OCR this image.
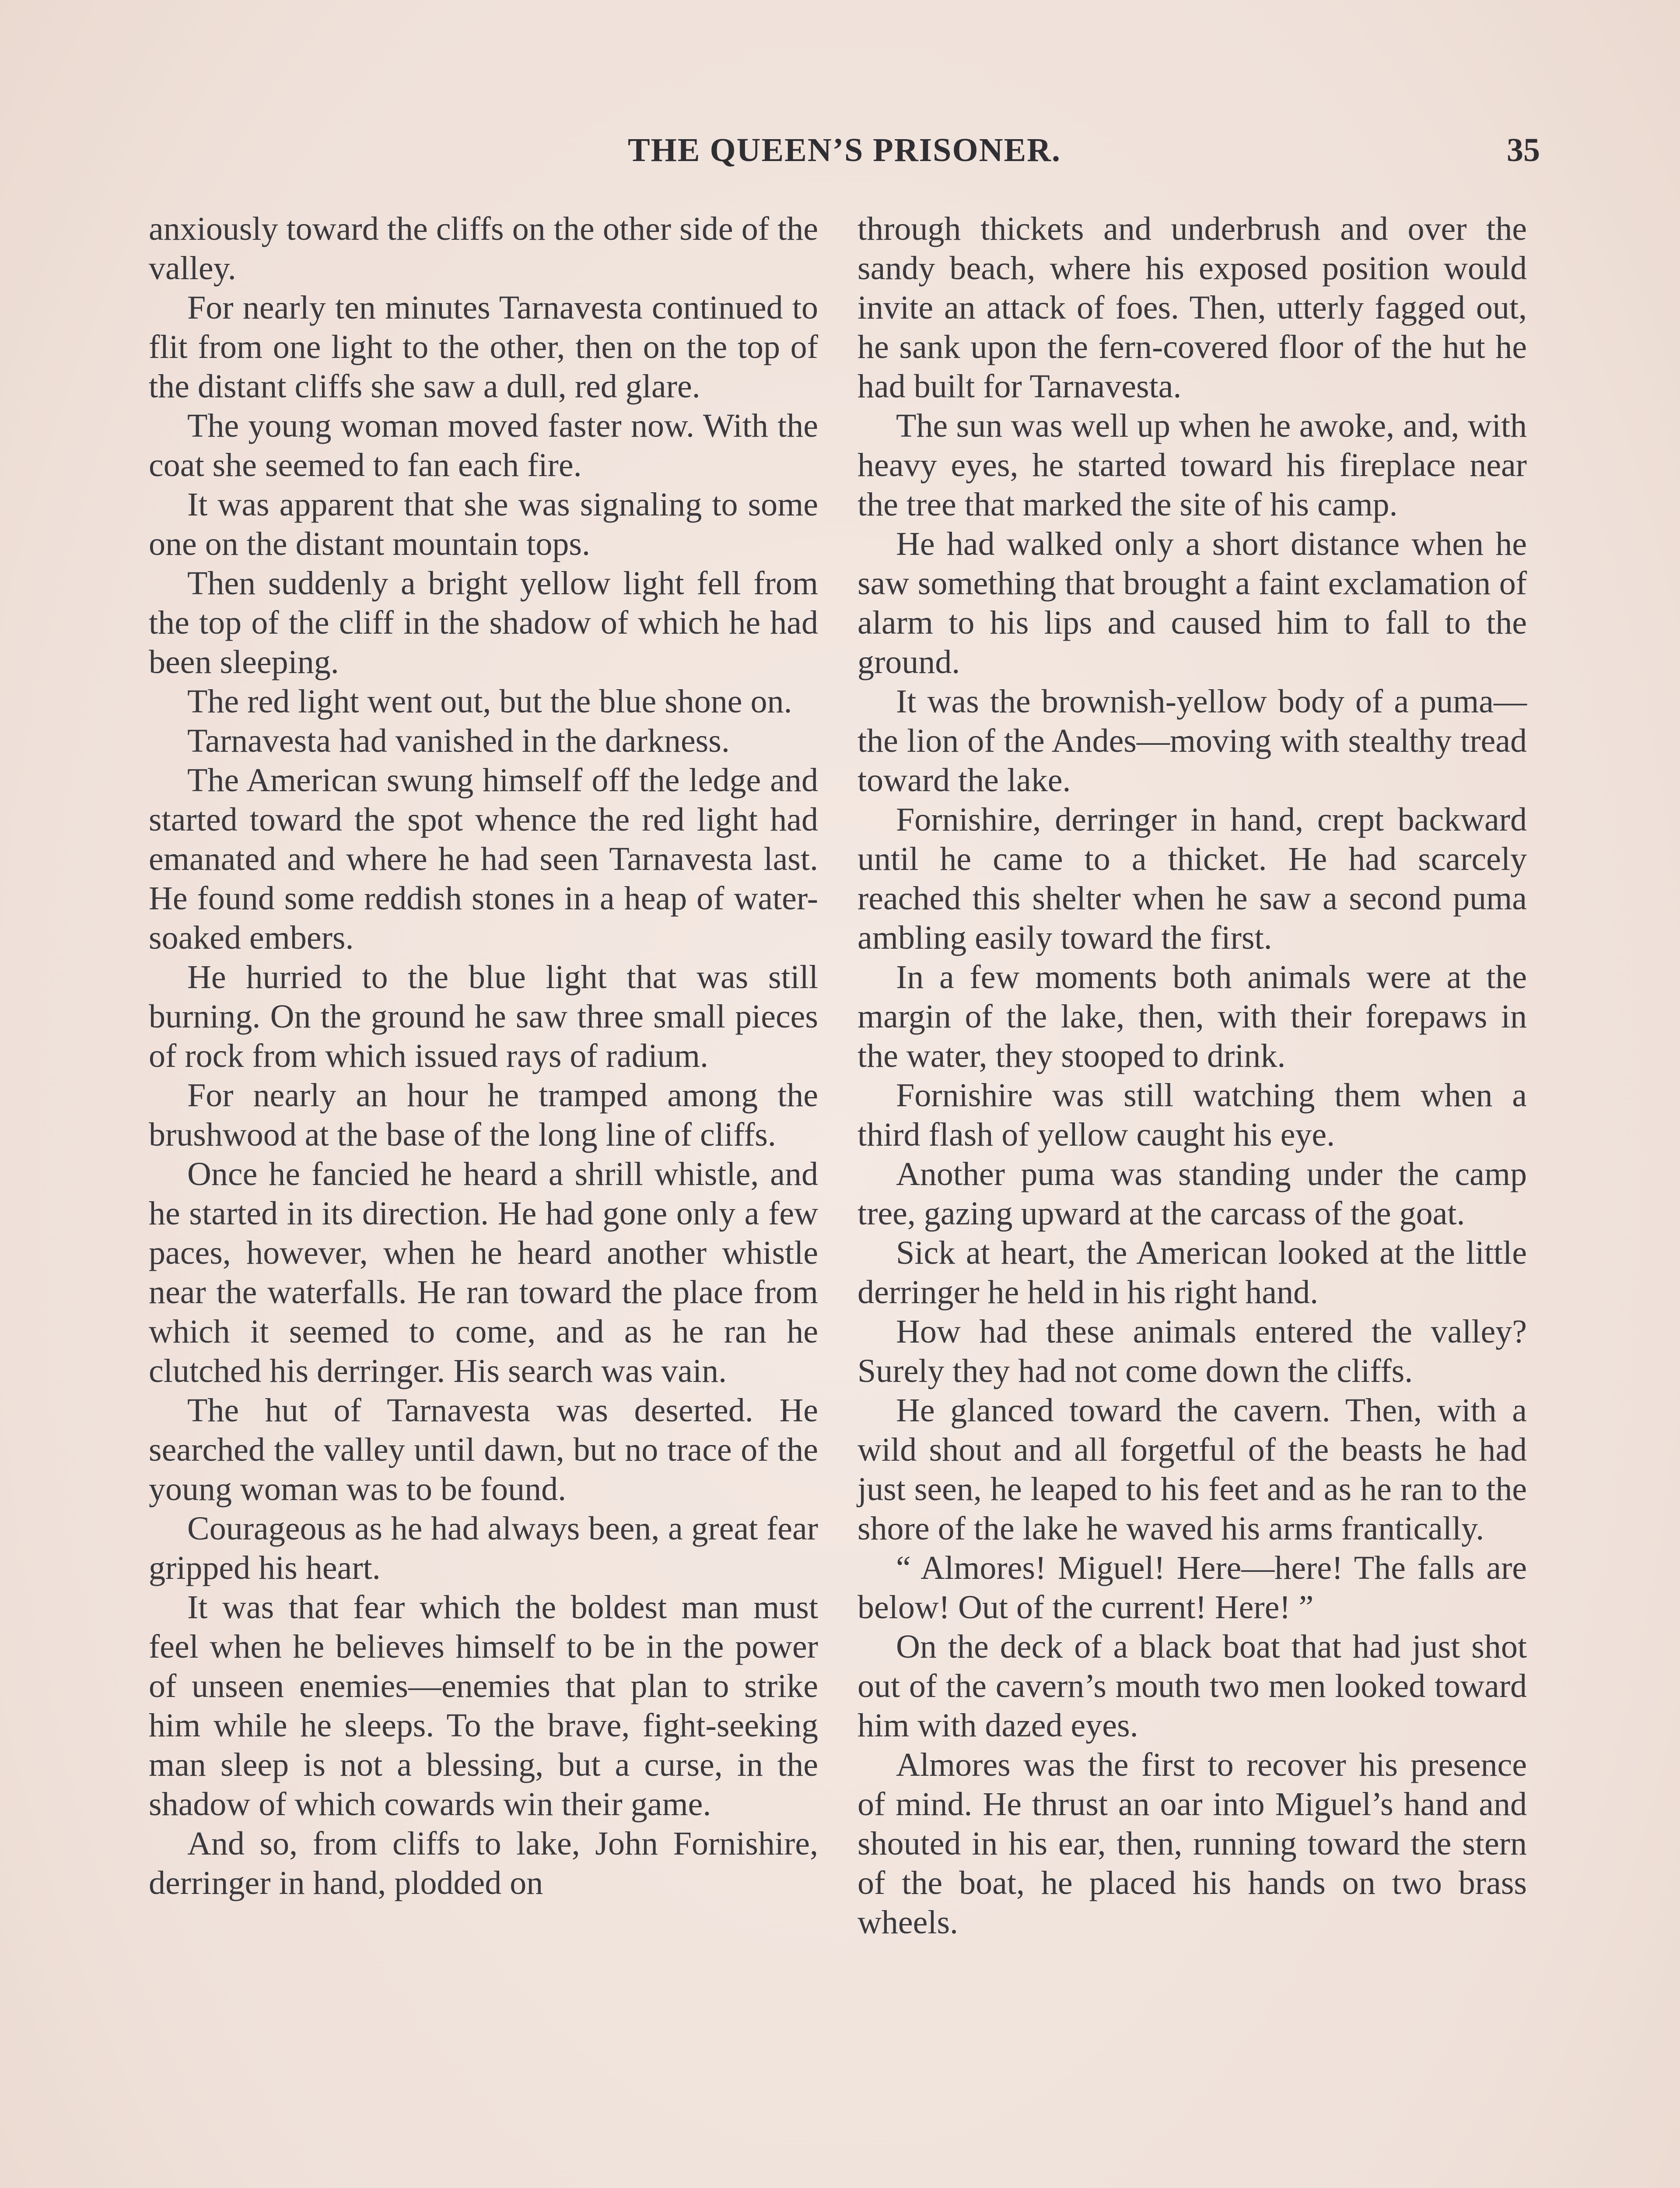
THE QUEEN’S PRISONER.	35

anxiously toward the cliffs on the other side of the valley.

For nearly ten minutes Tarnavesta continued to flit from one light to the other, then on the top of the distant cliffs she saw a dull, red glare.

The young woman moved faster now. With the coat she seemed to fan each fire.

It was apparent that she was signaling to some one on the distant mountain tops.

Then suddenly a bright yellow light fell from the top of the cliff in the shadow of which he had been sleeping.

The red light went out, but the blue shone on.

Tarnavesta had vanished in the darkness.

The American swung himself off the ledge and started toward the spot whence the red light had emanated and where he had seen Tarnavesta last. He found some reddish stones in a heap of water-soaked embers.

He hurried to the blue light that was still burning. On the ground he saw three small pieces of rock from which issued rays of radium.

For nearly an hour he tramped among the brushwood at the base of the long line of cliffs.

Once he fancied he heard a shrill whistle, and he started in its direction. He had gone only a few paces, however, when he heard another whistle near the waterfalls. He ran toward the place from which it seemed to come, and as he ran he clutched his derringer. His search was vain.

The hut of Tarnavesta was deserted. He searched the valley until dawn, but no trace of the young woman was to be found.

Courageous as he had always been, a great fear gripped his heart.

It was that fear which the boldest man must feel when he believes himself to be in the power of unseen enemies—enemies that plan to strike him while he sleeps. To the brave, fight-seeking man sleep is not a blessing, but a curse, in the shadow of which cowards win their game.

And so, from cliffs to lake, John Fornishire, derringer in hand, plodded on

through thickets and underbrush and over the sandy beach, where his exposed position would invite an attack of foes. Then, utterly fagged out, he sank upon the fern-covered floor of the hut he had built for Tarnavesta.

The sun was well up when he awoke, and, with heavy eyes, he started toward his fireplace near the tree that marked the site of his camp.

He had walked only a short distance when he saw something that brought a faint exclamation of alarm to his lips and caused him to fall to the ground.

It was the brownish-yellow body of a puma—the lion of the Andes—moving with stealthy tread toward the lake.

Fornishire, derringer in hand, crept backward until he came to a thicket. He had scarcely reached this shelter when he saw a second puma ambling easily toward the first.

In a few moments both animals were at the margin of the lake, then, with their forepaws in the water, they stooped to drink.

Fornishire was still watching them when a third flash of yellow caught his eye.

Another puma was standing under the camp tree, gazing upward at the carcass of the goat.

Sick at heart, the American looked at the little derringer he held in his right hand.

How had these animals entered the valley? Surely they had not come down the cliffs.

He glanced toward the cavern. Then, with a wild shout and all forgetful of the beasts he had just seen, he leaped to his feet and as he ran to the shore of the lake he waved his arms frantically.

“ Almores! Miguel! Here—here! The falls are below! Out of the current! Here! ”

On the deck of a black boat that had just shot out of the cavern’s mouth two men looked toward him with dazed eyes.

Almores was the first to recover his presence of mind. He thrust an oar into Miguel’s hand and shouted in his ear, then, running toward the stern of the boat, he placed his hands on two brass wheels.
